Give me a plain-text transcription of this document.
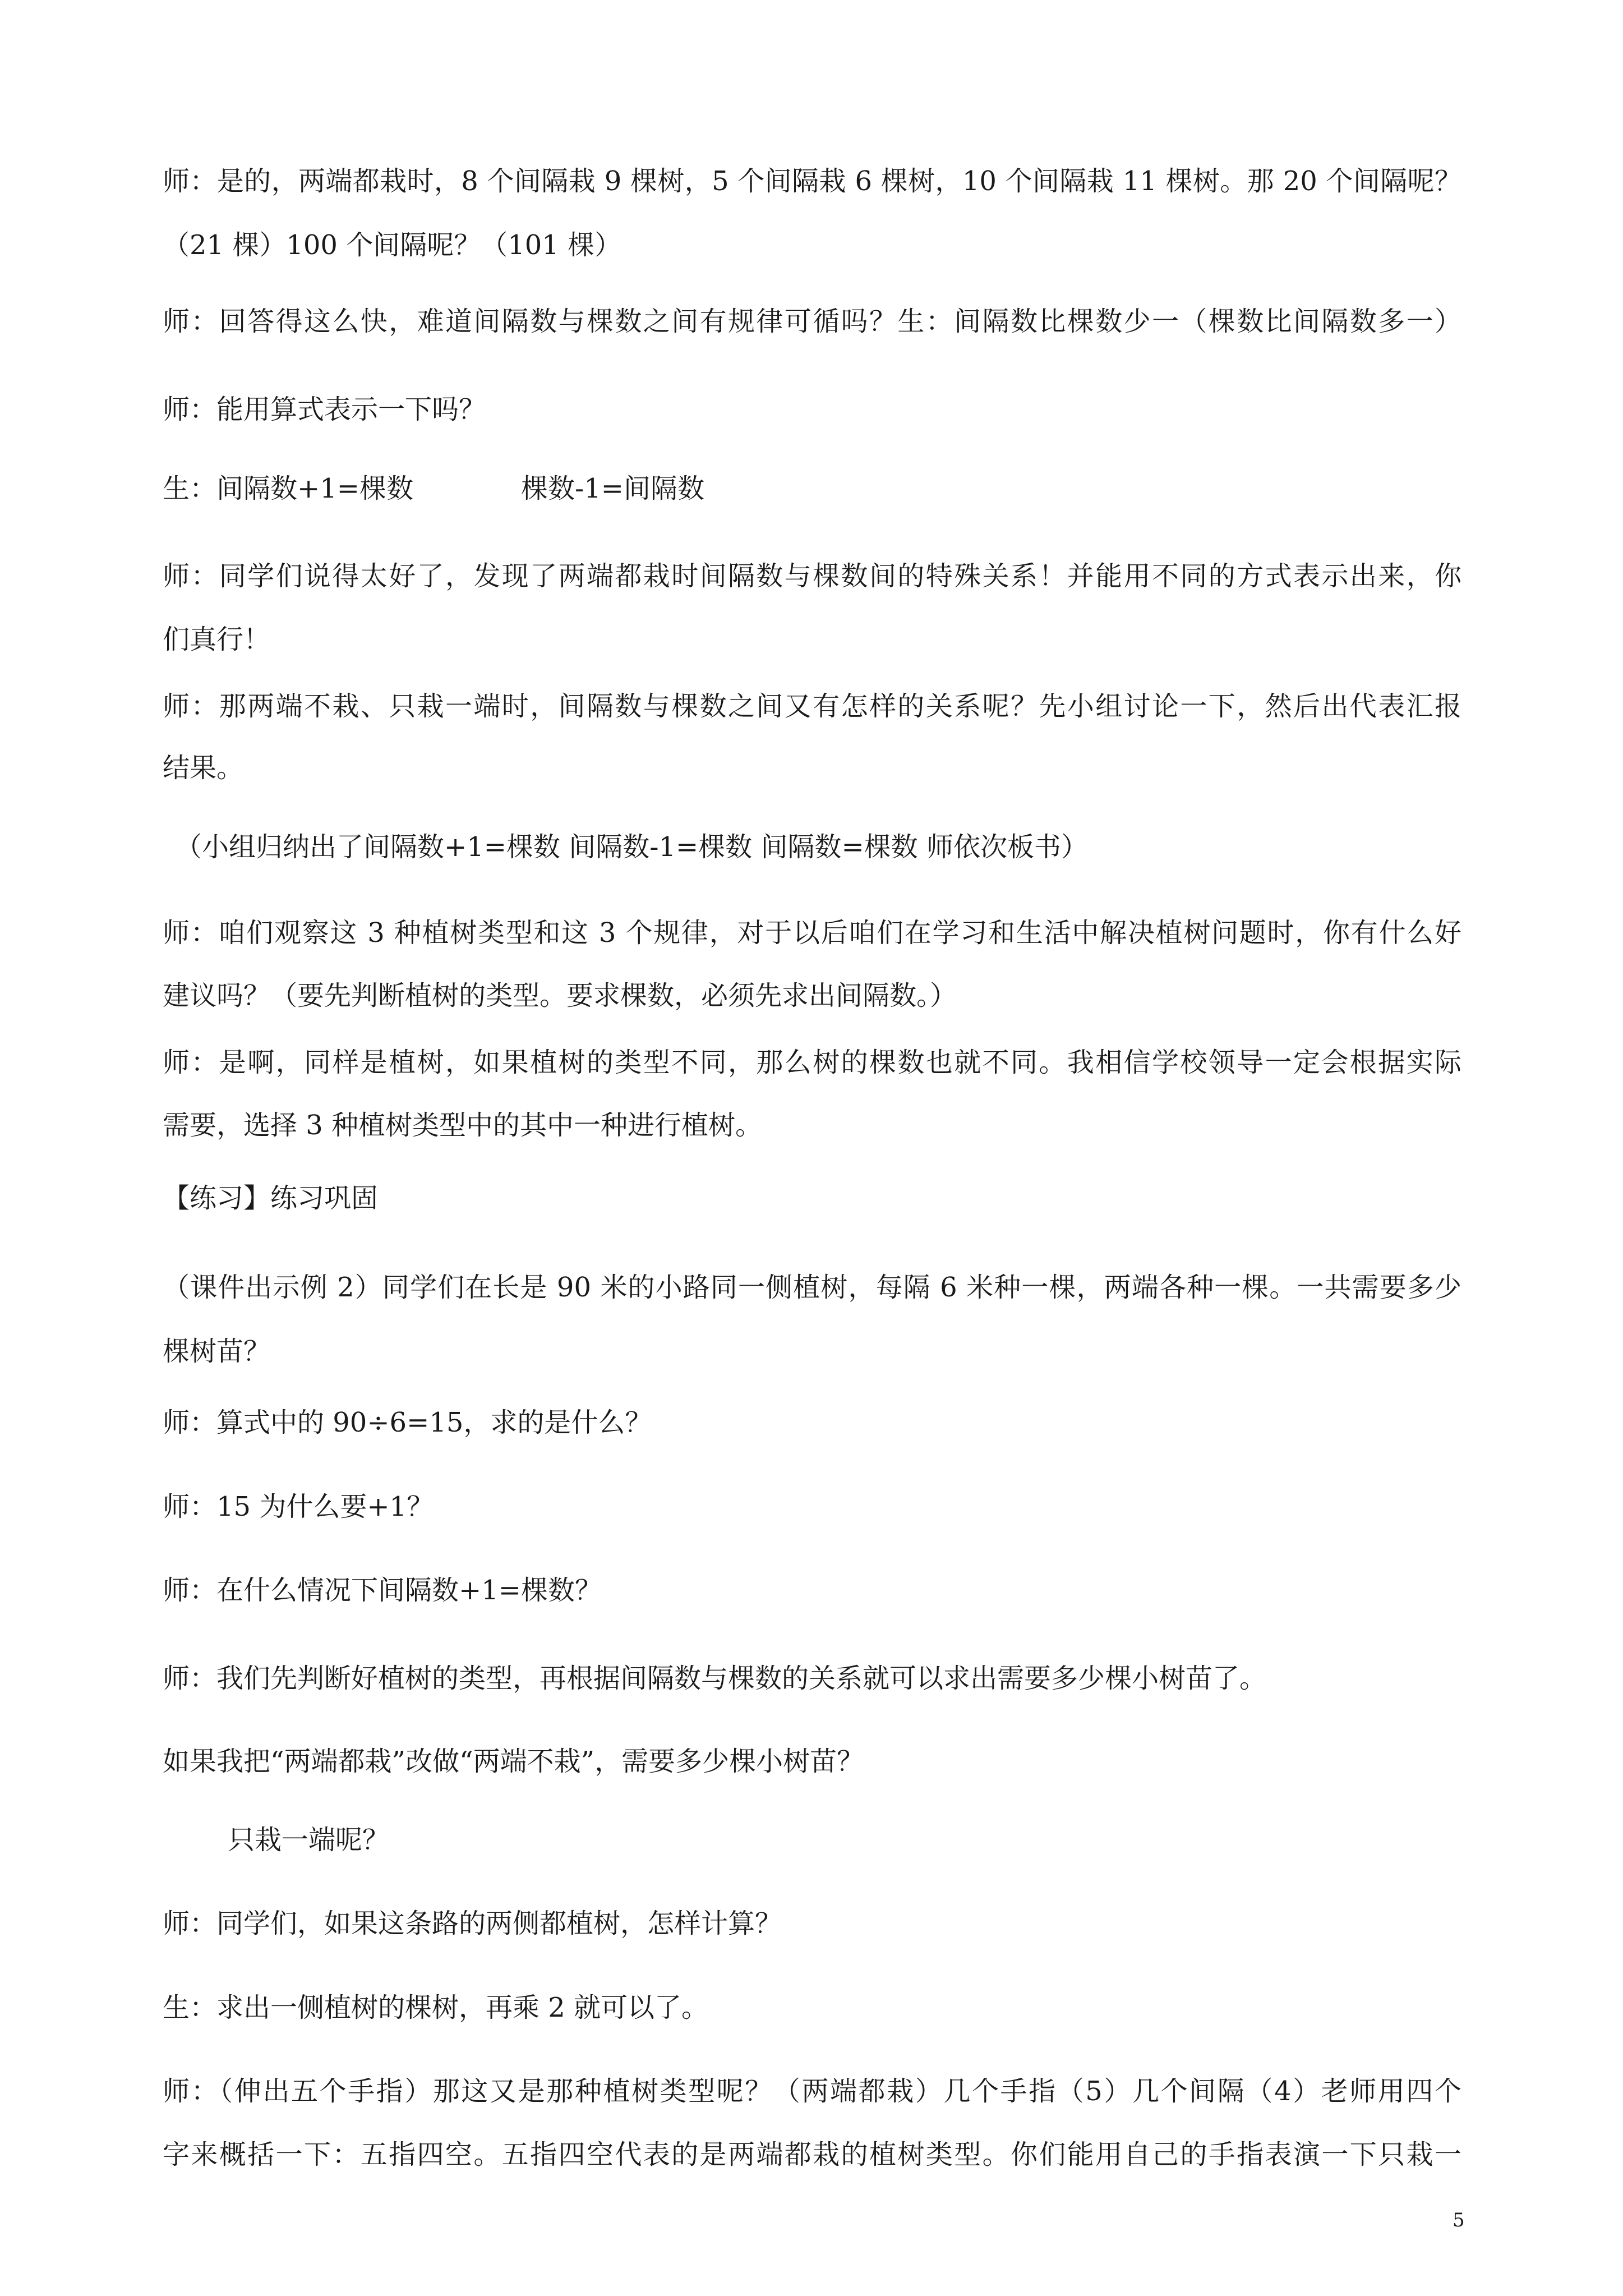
师：是的，两端都栽时，8 个间隔栽 9 棵树，5 个间隔栽 6 棵树，10 个间隔栽 11 棵树。那 20 个间隔呢？

（21 棵）100 个间隔呢？（101 棵）

师：回答得这么快，难道间隔数与棵数之间有规律可循吗？生：间隔数比棵数少一（棵数比间隔数多一）

师：能用算式表示一下吗？

生：间隔数+1=棵数　　　　棵数-1=间隔数

师：同学们说得太好了，发现了两端都栽时间隔数与棵数间的特殊关系！并能用不同的方式表示出来，你

们真行！

师：那两端不栽、只栽一端时，间隔数与棵数之间又有怎样的关系呢？先小组讨论一下，然后出代表汇报

结果。

（小组归纳出了间隔数+1=棵数 间隔数-1=棵数 间隔数=棵数 师依次板书）

师：咱们观察这 3 种植树类型和这 3 个规律，对于以后咱们在学习和生活中解决植树问题时，你有什么好

建议吗？（要先判断植树的类型。要求棵数，必须先求出间隔数。）

师：是啊，同样是植树，如果植树的类型不同，那么树的棵数也就不同。我相信学校领导一定会根据实际

需要，选择 3 种植树类型中的其中一种进行植树。

【练习】练习巩固

（课件出示例 2）同学们在长是 90 米的小路同一侧植树，每隔 6 米种一棵，两端各种一棵。一共需要多少

棵树苗？

师：算式中的 90÷6=15，求的是什么？

师：15 为什么要+1？

师：在什么情况下间隔数+1=棵数？

师：我们先判断好植树的类型，再根据间隔数与棵数的关系就可以求出需要多少棵小树苗了。

如果我把“两端都栽”改做“两端不栽”，需要多少棵小树苗？

只栽一端呢？

师：同学们，如果这条路的两侧都植树，怎样计算？

生：求出一侧植树的棵树，再乘 2 就可以了。

师：（伸出五个手指）那这又是那种植树类型呢？（两端都栽）几个手指（5）几个间隔（4）老师用四个

字来概括一下：五指四空。五指四空代表的是两端都栽的植树类型。你们能用自己的手指表演一下只栽一

5
